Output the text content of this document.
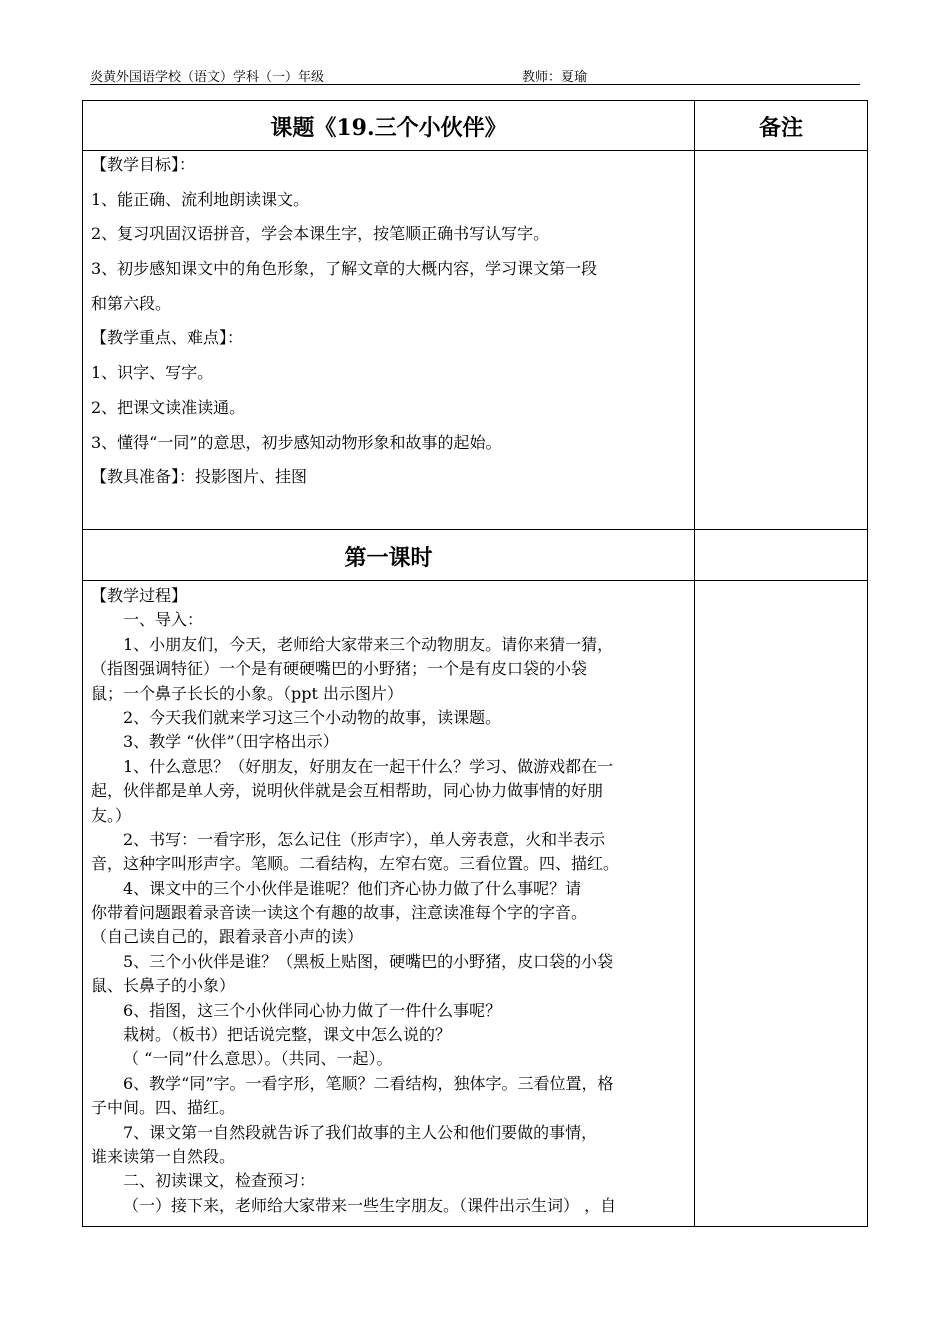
炎黄外国语学校（语文）学科（一）年级	教师：夏瑜
课题《19.三个小伙伴》	备注
【教学目标】：
1、能正确、流利地朗读课文。
2、复习巩固汉语拼音，学会本课生字，按笔顺正确书写认写字。
3、初步感知课文中的角色形象，了解文章的大概内容，学习课文第一段
和第六段。
【教学重点、难点】：
1、识字、写字。
2、把课文读准读通。
3、懂得“一同”的意思，初步感知动物形象和故事的起始。
【教具准备】：投影图片、挂图
第一课时
【教学过程】
一、导入：
1、小朋友们，今天，老师给大家带来三个动物朋友。请你来猜一猜，
（指图强调特征）一个是有硬硬嘴巴的小野猪；一个是有皮口袋的小袋
鼠；一个鼻子长长的小象。（ppt 出示图片）
2、今天我们就来学习这三个小动物的故事，读课题。
3、教学 “伙伴”（田字格出示）
1、什么意思？（好朋友，好朋友在一起干什么？学习、做游戏都在一
起，伙伴都是单人旁，说明伙伴就是会互相帮助，同心协力做事情的好朋
友。）
2、书写：一看字形，怎么记住（形声字），单人旁表意，火和半表示
音，这种字叫形声字。笔顺。二看结构，左窄右宽。三看位置。四、描红。
4、课文中的三个小伙伴是谁呢？他们齐心协力做了什么事呢？请
你带着问题跟着录音读一读这个有趣的故事，注意读准每个字的字音。
（自己读自己的，跟着录音小声的读）
5、三个小伙伴是谁？（黑板上贴图，硬嘴巴的小野猪，皮口袋的小袋
鼠、长鼻子的小象）
6、指图，这三个小伙伴同心协力做了一件什么事呢？
栽树。（板书）把话说完整，课文中怎么说的？
（ “一同”什么意思）。（共同、一起）。
6、教学“同”字。一看字形，笔顺？二看结构，独体字。三看位置，格
子中间。四、描红。
7、课文第一自然段就告诉了我们故事的主人公和他们要做的事情，
谁来读第一自然段。
二、初读课文，检查预习：
（一）接下来，老师给大家带来一些生字朋友。（课件出示生词） ，自
